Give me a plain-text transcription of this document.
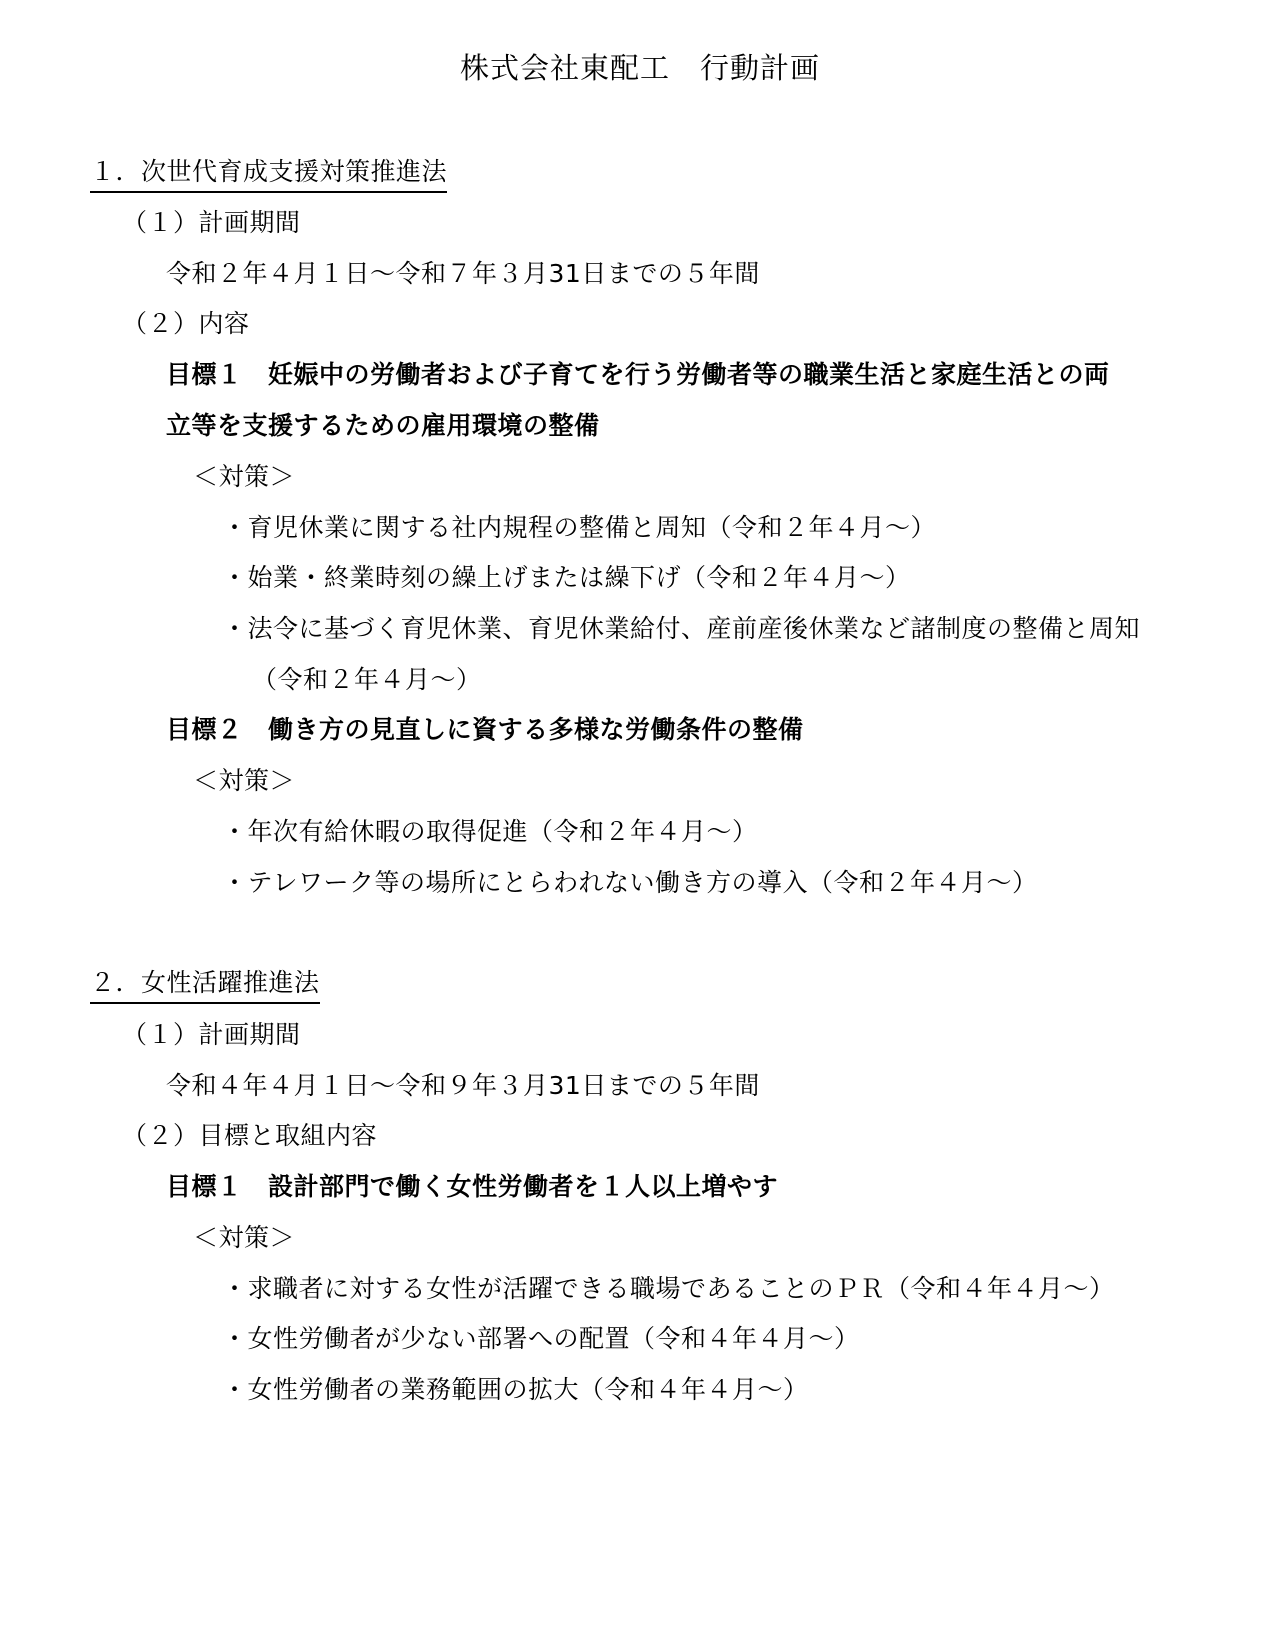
株式会社東配工　行動計画
１．次世代育成支援対策推進法
（１）計画期間
令和２年４月１日～令和７年３月31日までの５年間
（２）内容
目標１　妊娠中の労働者および子育てを行う労働者等の職業生活と家庭生活との両
立等を支援するための雇用環境の整備
＜対策＞
・育児休業に関する社内規程の整備と周知（令和２年４月～）
・始業・終業時刻の繰上げまたは繰下げ（令和２年４月～）
・法令に基づく育児休業、育児休業給付、産前産後休業など諸制度の整備と周知
（令和２年４月～）
目標２　働き方の見直しに資する多様な労働条件の整備
＜対策＞
・年次有給休暇の取得促進（令和２年４月～）
・テレワーク等の場所にとらわれない働き方の導入（令和２年４月～）
２．女性活躍推進法
（１）計画期間
令和４年４月１日～令和９年３月31日までの５年間
（２）目標と取組内容
目標１　設計部門で働く女性労働者を１人以上増やす
＜対策＞
・求職者に対する女性が活躍できる職場であることのＰＲ（令和４年４月～）
・女性労働者が少ない部署への配置（令和４年４月～）
・女性労働者の業務範囲の拡大（令和４年４月～）
